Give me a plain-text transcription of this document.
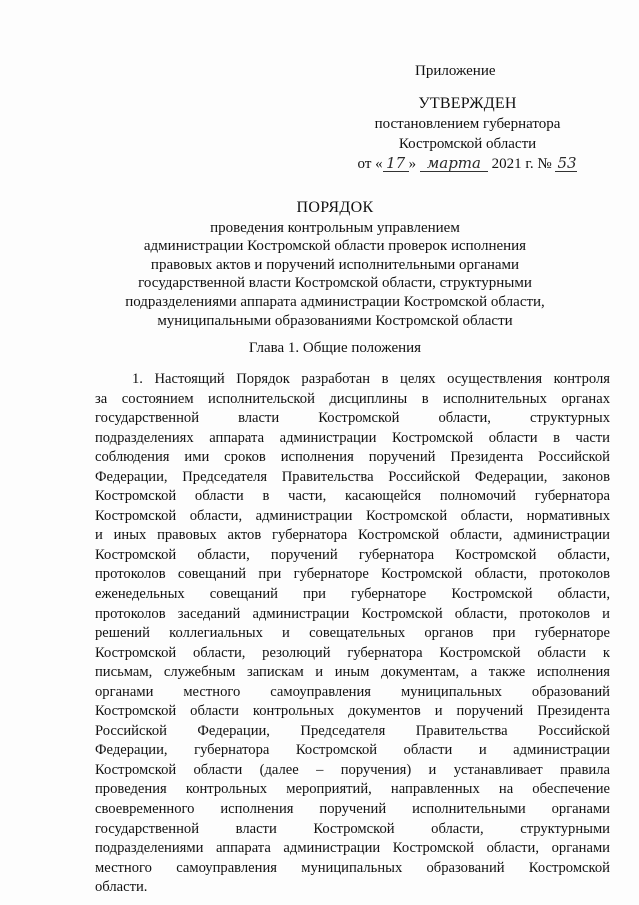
Приложение
УТВЕРЖДЕН
постановлением губернатора
Костромской области
от « 17 » марта 2021 г. № 53
ПОРЯДОК
проведения контрольным управлением
администрации Костромской области проверок исполнения
правовых актов и поручений исполнительными органами
государственной власти Костромской области, структурными
подразделениями аппарата администрации Костромской области,
муниципальными образованиями Костромской области
Глава 1. Общие положения
1. Настоящий Порядок разработан в целях осуществления контроля
за состоянием исполнительской дисциплины в исполнительных органах
государственной власти Костромской области, структурных
подразделениях аппарата администрации Костромской области в части
соблюдения ими сроков исполнения поручений Президента Российской
Федерации, Председателя Правительства Российской Федерации, законов
Костромской области в части, касающейся полномочий губернатора
Костромской области, администрации Костромской области, нормативных
и иных правовых актов губернатора Костромской области, администрации
Костромской области, поручений губернатора Костромской области,
протоколов совещаний при губернаторе Костромской области, протоколов
еженедельных совещаний при губернаторе Костромской области,
протоколов заседаний администрации Костромской области, протоколов и
решений коллегиальных и совещательных органов при губернаторе
Костромской области, резолюций губернатора Костромской области к
письмам, служебным запискам и иным документам, а также исполнения
органами местного самоуправления муниципальных образований
Костромской области контрольных документов и поручений Президента
Российской Федерации, Председателя Правительства Российской
Федерации, губернатора Костромской области и администрации
Костромской области (далее – поручения) и устанавливает правила
проведения контрольных мероприятий, направленных на обеспечение
своевременного исполнения поручений исполнительными органами
государственной власти Костромской области, структурными
подразделениями аппарата администрации Костромской области, органами
местного самоуправления муниципальных образований Костромской
области.
